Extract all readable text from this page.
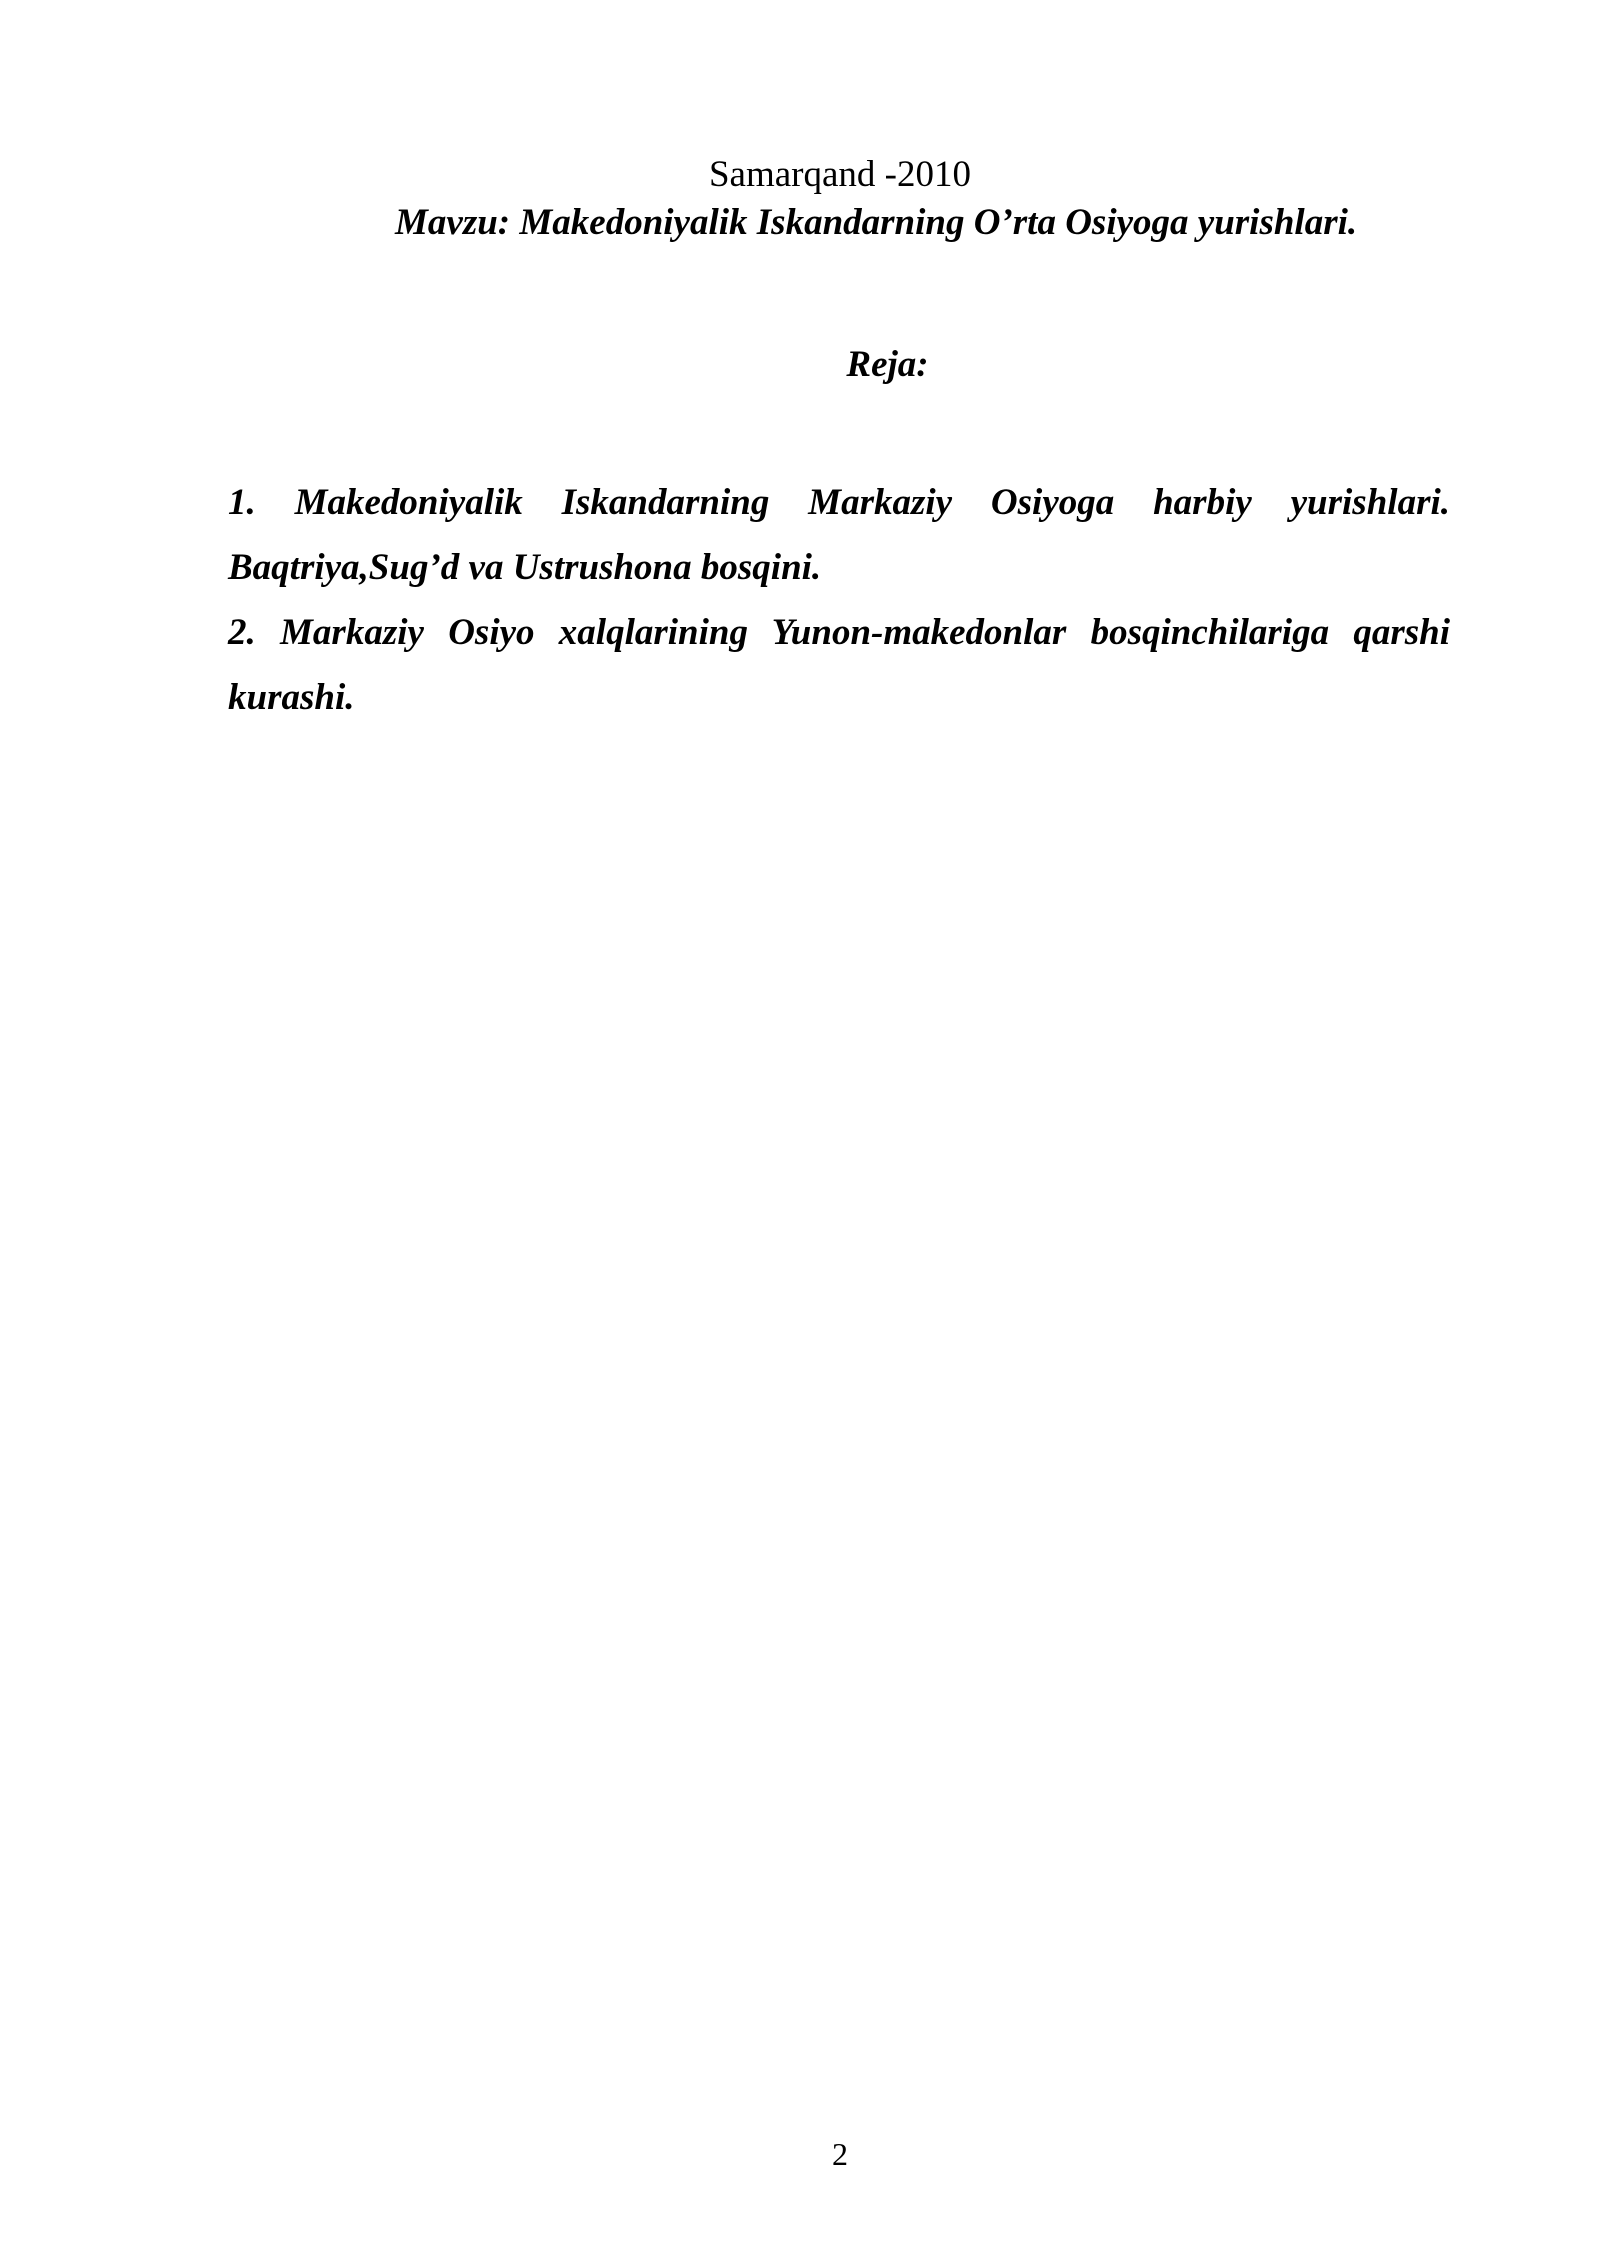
Samarqand -2010
Mavzu: Makedoniyalik Iskandarning O’rta Osiyoga yurishlari.
Reja:
1. Makedoniyalik Iskandarning Markaziy Osiyoga harbiy yurishlari. Baqtriya,Sug’d va Ustrushona bosqini.
2. Markaziy Osiyo xalqlarining Yunon-makedonlar bosqinchilariga qarshi kurashi.
2
